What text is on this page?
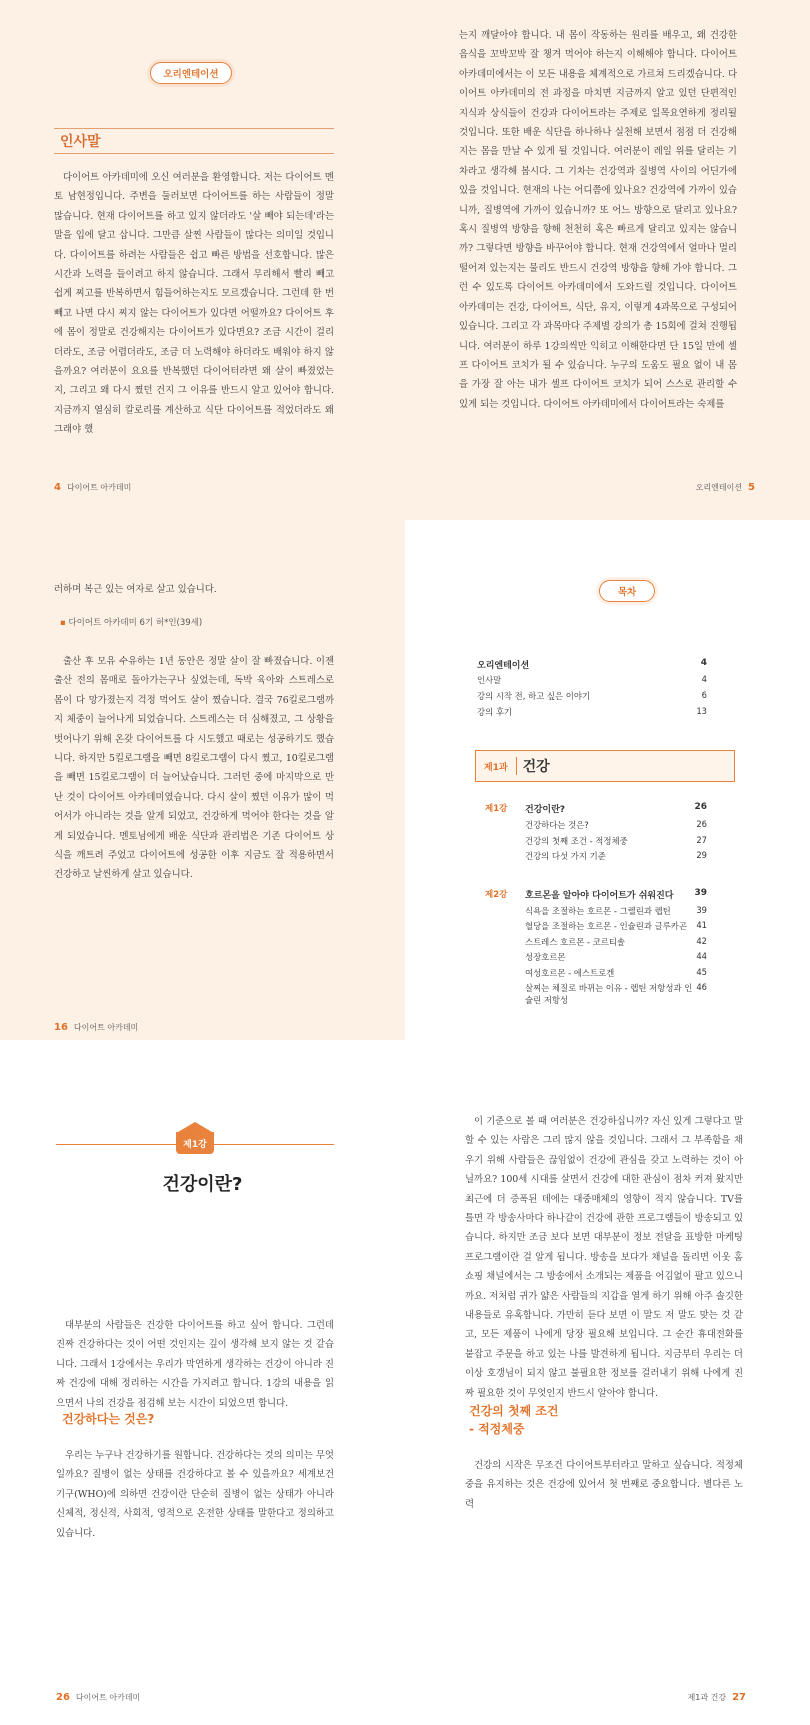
오리엔테이션
인사말
다이어트 아카데미에 오신 여러분을 환영합니다. 저는 다이어트 멘토 남현정입니다. 주변을 둘러보면 다이어트를 하는 사람들이 정말 많습니다. 현재 다이어트를 하고 있지 않더라도 '살 빼야 되는데'라는 말을 입에 달고 삽니다. 그만큼 살찐 사람들이 많다는 의미일 것입니다. 다이어트를 하려는 사람들은 쉽고 빠른 방법을 선호합니다. 많은 시간과 노력을 들이려고 하지 않습니다. 그래서 무리해서 빨리 빼고 쉽게 찌고를 반복하면서 힘들어하는지도 모르겠습니다. 그런데 한 번 빼고 나면 다시 찌지 않는 다이어트가 있다면 어떨까요? 다이어트 후에 몸이 정말로 건강해지는 다이어트가 있다면요? 조금 시간이 걸리더라도, 조금 어렵더라도, 조금 더 노력해야 하더라도 배워야 하지 않을까요? 여러분이 요요를 반복했던 다이어터라면 왜 살이 빠졌었는지, 그리고 왜 다시 쪘던 건지 그 이유를 반드시 알고 있어야 합니다. 지금까지 열심히 칼로리를 계산하고 식단 다이어트를 적었더라도 왜 그래야 했
4 다이어트 아카데미
는지 깨달아야 합니다. 내 몸이 작동하는 원리를 배우고, 왜 건강한 음식을 꼬박꼬박 잘 챙겨 먹어야 하는지 이해해야 합니다. 다이어트 아카데미에서는 이 모든 내용을 체계적으로 가르쳐 드리겠습니다. 다이어트 아카데미의 전 과정을 마치면 지금까지 알고 있던 단편적인 지식과 상식들이 건강과 다이어트라는 주제로 일목요연하게 정리될 것입니다. 또한 배운 식단을 하나하나 실천해 보면서 점점 더 건강해지는 몸을 만날 수 있게 될 것입니다. 여러분이 레일 위를 달리는 기차라고 생각해 봅시다. 그 기차는 건강역과 질병역 사이의 어딘가에 있을 것입니다. 현재의 나는 어디쯤에 있나요? 건강역에 가까이 있습니까, 질병역에 가까이 있습니까? 또 어느 방향으로 달리고 있나요? 혹시 질병역 방향을 향해 천천히 혹은 빠르게 달리고 있지는 않습니까? 그렇다면 방향을 바꾸어야 합니다. 현재 건강역에서 얼마나 멀리 떨어져 있는지는 물리도 반드시 건강역 방향을 향해 가야 합니다. 그런 수 있도록 다이어트 아카데미에서 도와드릴 것입니다. 다이어트 아카데미는 건강, 다이어트, 식단, 유지, 이렇게 4과목으로 구성되어 있습니다. 그리고 각 과목마다 주제별 강의가 총 15회에 걸쳐 진행됩니다. 여러분이 하루 1강의씩만 익히고 이해한다면 단 15일 만에 셀프 다이어트 코치가 될 수 있습니다. 누구의 도움도 필요 없이 내 몸을 가장 잘 아는 내가 셀프 다이어트 코치가 되어 스스로 관리할 수 있게 되는 것입니다. 다이어트 아카데미에서 다이어트라는 숙제를
오리엔테이션 5
러하며 복근 있는 여자로 살고 있습니다.
▪ 다이어트 아카데미 6기 허*인(39세)
출산 후 모유 수유하는 1년 동안은 정말 살이 잘 빠졌습니다. 이젠 출산 전의 몸매로 돌아가는구나 싶었는데, 독박 육아와 스트레스로 몸이 다 망가졌는지 걱정 먹어도 살이 쪘습니다. 결국 76킬로그램까지 체중이 늘어나게 되었습니다. 스트레스는 더 심해졌고, 그 상황을 벗어나기 위해 온갖 다이어트를 다 시도했고 때로는 성공하기도 했습니다. 하지만 5킬로그램을 빼면 8킬로그램이 다시 쪘고, 10킬로그램을 빼면 15킬로그램이 더 늘어났습니다. 그러던 중에 마지막으로 만난 것이 다이어트 아카데미였습니다. 다시 살이 쪘던 이유가 많이 먹어서가 아니라는 것을 알게 되었고, 건강하게 먹어야 한다는 것을 알게 되었습니다. 멘토님에게 배운 식단과 관리법은 기존 다이어트 상식을 깨트려 주었고 다이어트에 성공한 이후 지금도 잘 적용하면서 건강하고 날씬하게 살고 있습니다.
16 다이어트 아카데미
목차
오리엔테이션	4
인사말	4
강의 시작 전, 하고 싶은 이야기	6
강의 후기	13
제1과	건강
제1강 건강이란?	26
건강하다는 것은?	26
건강의 첫째 조건 - 적정체중	27
건강의 다섯 가지 기준	29
제2강 호르몬을 알아야 다이어트가 쉬워진다 39
식욕을 조절하는 호르몬 - 그렐린과 렙틴	39
혈당을 조절하는 호르몬 - 인슐린과 글루카곤 41
스트레스 호르몬 - 코르티솔	42
성장호르몬	44
여성호르몬 - 에스트로겐	45
살찌는 체질로 바뀌는 이유 - 렙틴 저항성과 인슐린 저항성
46
제1강
건강이란?
대부분의 사람들은 건강한 다이어트를 하고 싶어 합니다. 그런데 진짜 건강하다는 것이 어떤 것인지는 깊이 생각해 보지 않는 것 같습니다. 그래서 1강에서는 우리가 막연하게 생각하는 건강이 아니라 진짜 건강에 대해 정리하는 시간을 가지려고 합니다. 1강의 내용을 읽으면서 나의 건강을 점검해 보는 시간이 되었으면 합니다.
건강하다는 것은?
우리는 누구나 건강하기를 원합니다. 건강하다는 것의 의미는 무엇일까요? 질병이 없는 상태를 건강하다고 볼 수 있을까요? 세계보건기구(WHO)에 의하면 건강이란 단순히 질병이 없는 상태가 아니라 신체적, 정신적, 사회적, 영적으로 온전한 상태를 말한다고 정의하고 있습니다.
26 다이어트 아카데미
이 기준으로 볼 때 여러분은 건강하십니까? 자신 있게 그렇다고 말할 수 있는 사람은 그리 많지 않을 것입니다. 그래서 그 부족함을 채우기 위해 사람들은 끊임없이 건강에 관심을 갖고 노력하는 것이 아닐까요? 100세 시대를 살면서 건강에 대한 관심이 점차 커져 왔지만 최근에 더 증폭된 데에는 대중매체의 영향이 적지 않습니다. TV를 틀면 각 방송사마다 하나같이 건강에 관한 프로그램들이 방송되고 있습니다. 하지만 조금 보다 보면 대부분이 정보 전달을 표방한 마케팅 프로그램이란 걸 알게 됩니다. 방송을 보다가 채널을 돌리면 이웃 홈쇼핑 채널에서는 그 방송에서 소개되는 제품을 어김없이 팔고 있으니까요. 저처럼 귀가 얇은 사람들의 지갑을 열게 하기 위해 아주 솔깃한 내용들로 유혹합니다. 가만히 듣다 보면 이 말도 저 말도 맞는 것 같고, 모든 제품이 나에게 당장 필요해 보입니다. 그 순간 휴대전화를 붙잡고 주문을 하고 있는 나를 발견하게 됩니다. 지금부터 우리는 더 이상 호갱님이 되지 않고 불필요한 정보를 걸러내기 위해 나에게 진짜 필요한 것이 무엇인지 반드시 알아야 합니다.
건강의 첫째 조건
- 적정체중
건강의 시작은 무조건 다이어트부터라고 말하고 싶습니다. 적정체중을 유지하는 것은 건강에 있어서 첫 번째로 중요합니다. 별다른 노력
제1과 건강 27
